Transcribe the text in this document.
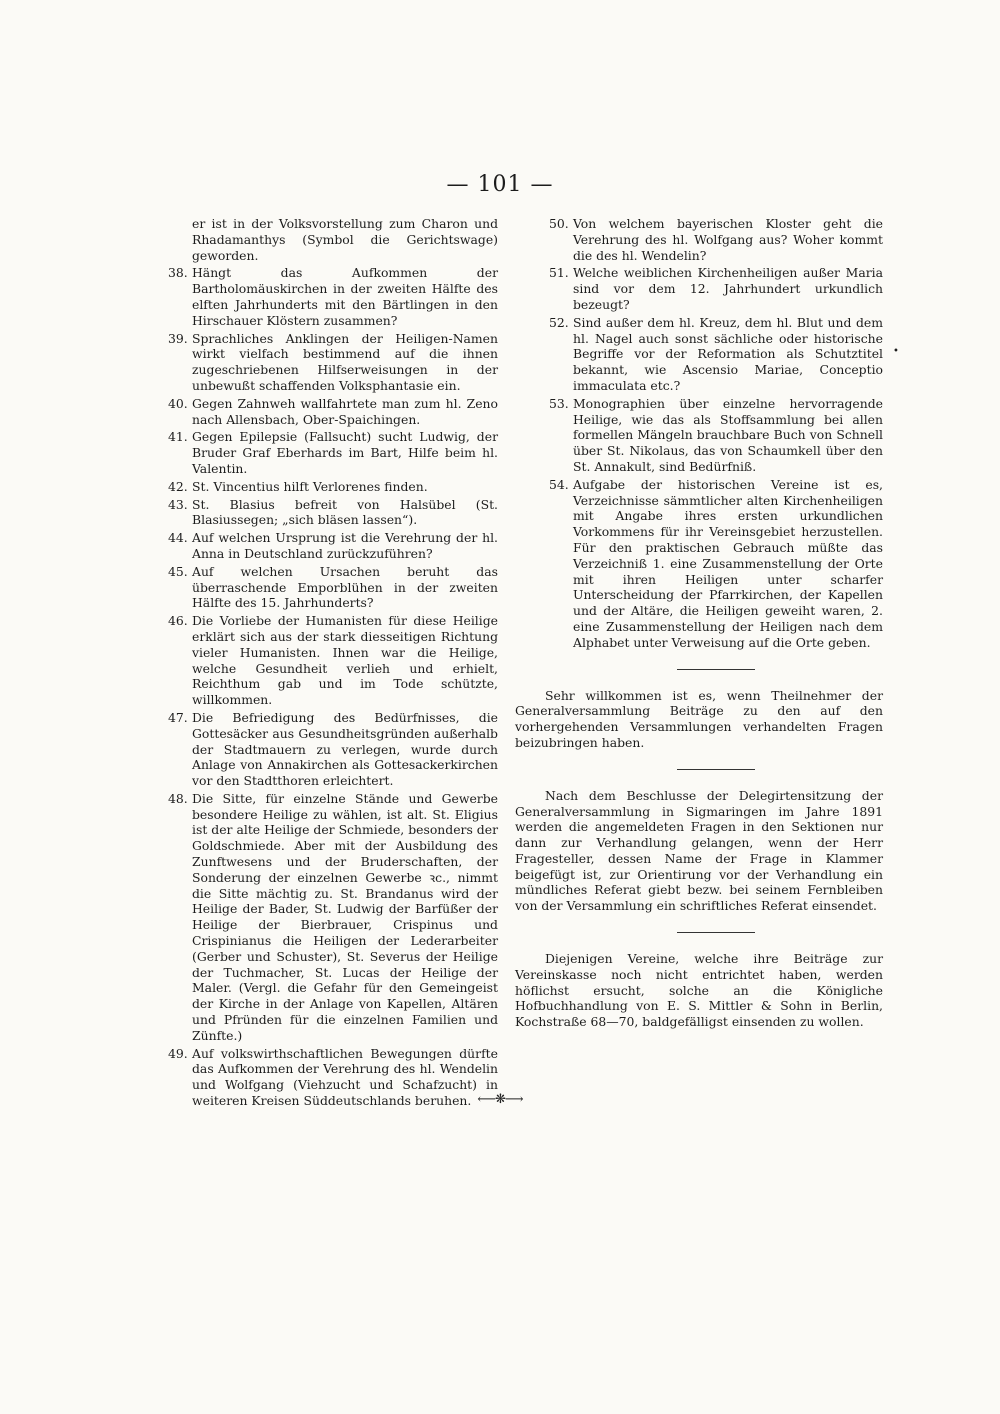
— 101 —
er ist in der Volksvorstellung zum Charon und Rhadamanthys (Symbol die Gerichtswage) geworden.
38. Hängt das Aufkommen der Bartholomäuskirchen in der zweiten Hälfte des elften Jahrhunderts mit den Bärtlingen in den Hirschauer Klöstern zusammen?
39. Sprachliches Anklingen der Heiligen-Namen wirkt vielfach bestimmend auf die ihnen zugeschriebenen Hilfserweisungen in der unbewußt schaffenden Volksphantasie ein.
40. Gegen Zahnweh wallfahrtete man zum hl. Zeno nach Allensbach, Ober-Spaichingen.
41. Gegen Epilepsie (Fallsucht) sucht Ludwig, der Bruder Graf Eberhards im Bart, Hilfe beim hl. Valentin.
42. St. Vincentius hilft Verlorenes finden.
43. St. Blasius befreit von Halsübel (St. Blasiussegen; „sich bläsen lassen“).
44. Auf welchen Ursprung ist die Verehrung der hl. Anna in Deutschland zurückzuführen?
45. Auf welchen Ursachen beruht das überraschende Emporblühen in der zweiten Hälfte des 15. Jahrhunderts?
46. Die Vorliebe der Humanisten für diese Heilige erklärt sich aus der stark diesseitigen Richtung vieler Humanisten. Ihnen war die Heilige, welche Gesundheit verlieh und erhielt, Reichthum gab und im Tode schützte, willkommen.
47. Die Befriedigung des Bedürfnisses, die Gottesäcker aus Gesundheitsgründen außerhalb der Stadtmauern zu verlegen, wurde durch Anlage von Annakirchen als Gottesackerkirchen vor den Stadtthoren erleichtert.
48. Die Sitte, für einzelne Stände und Gewerbe besondere Heilige zu wählen, ist alt. St. Eligius ist der alte Heilige der Schmiede, besonders der Goldschmiede. Aber mit der Ausbildung des Zunftwesens und der Bruderschaften, der Sonderung der einzelnen Gewerbe ꝛc., nimmt die Sitte mächtig zu. St. Brandanus wird der Heilige der Bader, St. Ludwig der Barfüßer der Heilige der Bierbrauer, Crispinus und Crispinianus die Heiligen der Lederarbeiter (Gerber und Schuster), St. Severus der Heilige der Tuchmacher, St. Lucas der Heilige der Maler. (Vergl. die Gefahr für den Gemeingeist der Kirche in der Anlage von Kapellen, Altären und Pfründen für die einzelnen Familien und Zünfte.)
49. Auf volkswirthschaftlichen Bewegungen dürfte das Aufkommen der Verehrung des hl. Wendelin und Wolfgang (Viehzucht und Schafzucht) in weiteren Kreisen Süddeutschlands beruhen.
50. Von welchem bayerischen Kloster geht die Verehrung des hl. Wolfgang aus? Woher kommt die des hl. Wendelin?
51. Welche weiblichen Kirchenheiligen außer Maria sind vor dem 12. Jahrhundert urkundlich bezeugt?
52. Sind außer dem hl. Kreuz, dem hl. Blut und dem hl. Nagel auch sonst sächliche oder historische Begriffe vor der Reformation als Schutztitel bekannt, wie Ascensio Mariae, Conceptio immaculata etc.?
53. Monographien über einzelne hervorragende Heilige, wie das als Stoffsammlung bei allen formellen Mängeln brauchbare Buch von Schnell über St. Nikolaus, das von Schaumkell über den St. Annakult, sind Bedürfniß.
54. Aufgabe der historischen Vereine ist es, Verzeichnisse sämmtlicher alten Kirchenheiligen mit Angabe ihres ersten urkundlichen Vorkommens für ihr Vereinsgebiet herzustellen. Für den praktischen Gebrauch müßte das Verzeichniß 1. eine Zusammenstellung der Orte mit ihren Heiligen unter scharfer Unterscheidung der Pfarrkirchen, der Kapellen und der Altäre, die Heiligen geweiht waren, 2. eine Zusammenstellung der Heiligen nach dem Alphabet unter Verweisung auf die Orte geben.

Sehr willkommen ist es, wenn Theilnehmer der Generalversammlung Beiträge zu den auf den vorhergehenden Versammlungen verhandelten Fragen beizubringen haben.

Nach dem Beschlusse der Delegirtensitzung der Generalversammlung in Sigmaringen im Jahre 1891 werden die angemeldeten Fragen in den Sektionen nur dann zur Verhandlung gelangen, wenn der Herr Fragesteller, dessen Name der Frage in Klammer beigefügt ist, zur Orientirung vor der Verhandlung ein mündliches Referat giebt bezw. bei seinem Fernbleiben von der Versammlung ein schriftliches Referat einsendet.

Diejenigen Vereine, welche ihre Beiträge zur Vereinskasse noch nicht entrichtet haben, werden höflichst ersucht, solche an die Königliche Hofbuchhandlung von E. S. Mittler & Sohn in Berlin, Kochstraße 68—70, baldgefälligst einsenden zu wollen.

•
⟵❋⟶
